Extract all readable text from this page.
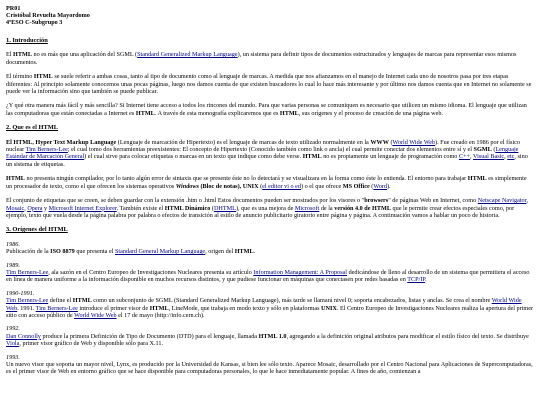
PR01
Cristóbal Revuelta Mayordomo
4ºESO C-Subgrupo 3
1. Introducción

El HTML no es más que una aplicación del SGML (Standard Generalized Markup Language), un sistema para definir tipos de documentos estructurados y lenguajes de marcas para representar esos mismos documentos.

El término HTML se suele referir a ambas cosas, tanto al tipo de documento como al lenguaje de marcas. A medida que nos afianzamos en el manejo de Internet cada uno de nosotros pasa por tres etapas diferentes: Al principio solamente conocemos unas pocas páginas, luego nos damos cuenta de que existen buscadores lo cual lo hace más interesante y por último nos damos cuenta que en Internet no solamente se puede ver la información sino que también se puede publicar.

¿Y qué otra manera más fácil y más sencilla? Si Internet tiene acceso a todos los rincones del mundo. Para que varias personas se comuniquen es necesario que utilicen un mismo idioma. El lenguaje que utilizan las computadoras que están conectadas a Internet es HTML. A través de esta monografía explicaremos que es HTML, sus orígenes y el proceso de creación de una página web.

2. Que es el HTML

El HTML, Hyper Text Markup Language (Lenguaje de marcación de Hipertexto) es el lenguaje de marcas de texto utilizado normalmente en la WWW (World Wide Web). Fue creado en 1986 por el físico nuclear Tim Berners-Lee; el cual tomo dos herramientas preexistentes: El concepto de Hipertexto (Conocido también como link o ancla) el cual permite conectar dos elementos entre sí y el SGML (Lenguaje Estándar de Marcación General) el cual sirve para colocar etiquetas o marcas en un texto que indique como debe verse. HTML no es propiamente un lenguaje de programación como C++, Visual Basic, etc, sino un sistema de etiquetas.

HTML no presenta ningún compilador, por lo tanto algún error de sintaxis que se presente éste no lo detectará y se visualizara en la forma como éste lo entienda. El entorno para trabajar HTML es simplemente un procesador de texto, como el que ofrecen los sistemas operativos Windows (Bloc de notas), UNIX (el editor vi o ed) o el que ofrece MS Office (Word).

El conjunto de etiquetas que se creen, se deben guardar con la extensión .htm o .html Estos documentos pueden ser mostrados por los visores o "browsers" de páginas Web en Internet, como Netscape Navigator, Mosaic, Opera y Microsoft Internet Explorer. También existe el HTML Dinámico (DHTML), que es una mejora de Microsoft de la versión 4.0 de HTML que le permite crear efectos especiales como, por ejemplo, texto que vuela desde la página palabra por palabra o efectos de transición al estilo de anuncio publicitario giratorio entre página y página. A continuación vamos a hablar un poco de historia.

3. Orígenes del HTML

1986.

Publicación de la ISO 8879 que presenta el Standard General Markup Language, origen del HTML.

1989.

Tim Berners-Lee, ala sazón en el Centro Europeo de Investigaciones Nucleares presenta su artículo Information Management: A Proposal dedicándose de lleno al desarrollo de un sistema que permitiera el acceso en línea de manera uniforme a la información disponible en muchos recursos distintos, y que pudiese funcionar en máquinas que conectasen por redes basadas en TCP/IP.

1990-1991.

Tim Berners-Lee define el HTML como un subconjunto de SGML (Standard Generalized Markup Language), más tarde se llamará nivel 0; soporta encabezados, listas y anclas. Se crea el nombre World Wide Web. 1991. Tim Berners-Lee introduce el primer visor de HTML, LineMode, que trabaja en modo texto y sólo en plataformas UNIX. El Centro Europeo de Investigaciones Nucleares realiza la apertura del primer sitio con acceso público de World Wide Web el 17 de mayo (http://info.cern.ch).

1992.

Dan Connolly produce la primera Definición de Tipo de Documento (DTD) para el lenguaje, llamada HTML 1.0, agregando a la definición original atributos para modificar el estilo físico del texto. Se distribuye Viola, primer visor gráfico de Web y disponible sólo para X.11.

1993.

Un nuevo visor que soporta un mayor nivel, Lynx, es producido por la Universidad de Kansas, si bien lee sólo texto. Aparece Mosaic, desarrollado por el Centro Nacional para Aplicaciones de Supercomputadoras, es el primer visor de Web en entorno gráfico que se hace disponible para computadoras personales, lo que le hace inmediatamente popular. A fines de año, comienzan a
